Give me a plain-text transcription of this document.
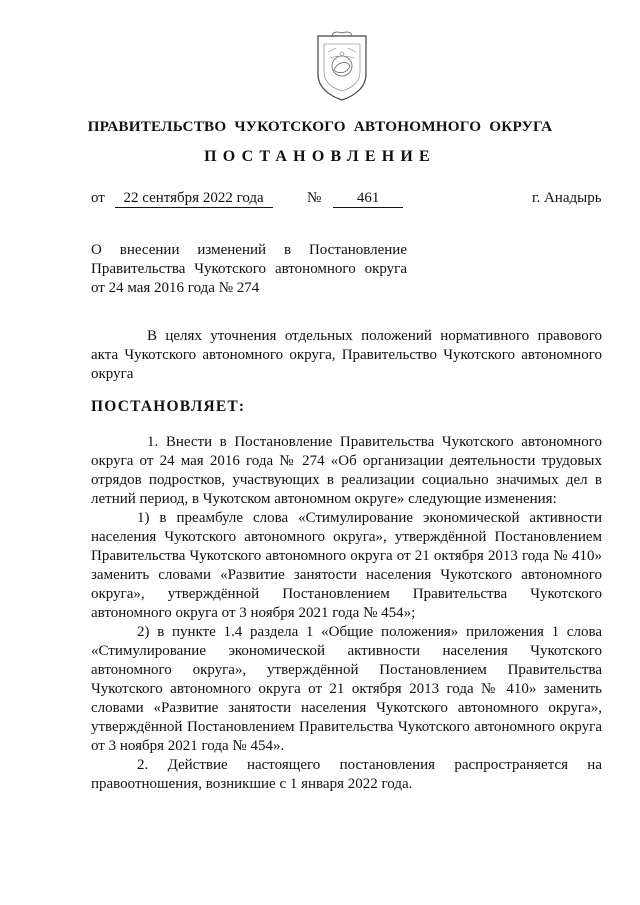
ПРАВИТЕЛЬСТВО ЧУКОТСКОГО АВТОНОМНОГО ОКРУГА
ПОСТАНОВЛЕНИЕ
от 22 сентября 2022 года	№ 461	г. Анадырь
О внесении изменений в Постановление
Правительства Чукотского автономного округа
от 24 мая 2016 года № 274

В целях уточнения отдельных положений нормативного правового акта Чукотского автономного округа, Правительство Чукотского автономного округа

ПОСТАНОВЛЯЕТ:

1. Внести в Постановление Правительства Чукотского автономного округа от 24 мая 2016 года № 274 «Об организации деятельности трудовых отрядов подростков, участвующих в реализации социально значимых дел в летний период, в Чукотском автономном округе» следующие изменения:

1) в преамбуле слова «Стимулирование экономической активности населения Чукотского автономного округа», утверждённой Постановлением Правительства Чукотского автономного округа от 21 октября 2013 года № 410» заменить словами «Развитие занятости населения Чукотского автономного округа», утверждённой Постановлением Правительства Чукотского автономного округа от 3 ноября 2021 года № 454»;

2) в пункте 1.4 раздела 1 «Общие положения» приложения 1 слова «Стимулирование экономической активности населения Чукотского автономного округа», утверждённой Постановлением Правительства Чукотского автономного округа от 21 октября 2013 года № 410» заменить словами «Развитие занятости населения Чукотского автономного округа», утверждённой Постановлением Правительства Чукотского автономного округа от 3 ноября 2021 года № 454».

2. Действие настоящего постановления распространяется на правоотношения, возникшие с 1 января 2022 года.
